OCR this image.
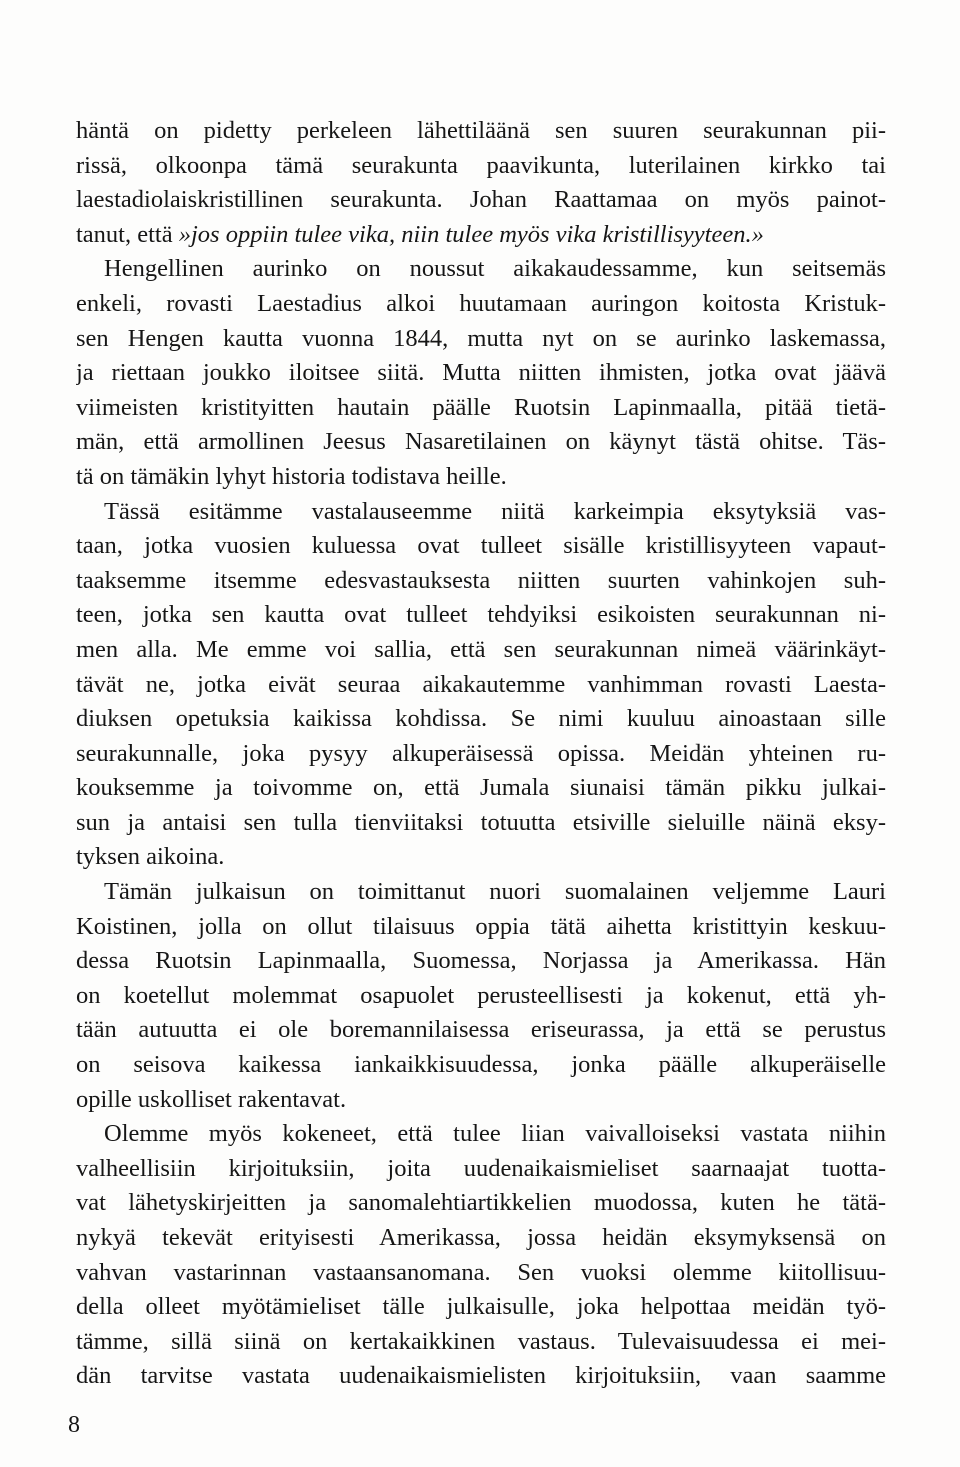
häntä on pidetty perkeleen lähettiläänä sen suuren seurakunnan pii-
rissä, olkoonpa tämä seurakunta paavikunta, luterilainen kirkko tai
laestadiolaiskristillinen seurakunta. Johan Raattamaa on myös painot-
tanut, että »jos oppiin tulee vika, niin tulee myös vika kristillisyyteen.»
Hengellinen aurinko on noussut aikakaudessamme, kun seitsemäs
enkeli, rovasti Laestadius alkoi huutamaan auringon koitosta Kristuk-
sen Hengen kautta vuonna 1844, mutta nyt on se aurinko laskemassa,
ja riettaan joukko iloitsee siitä. Mutta niitten ihmisten, jotka ovat jäävä
viimeisten kristityitten hautain päälle Ruotsin Lapinmaalla, pitää tietä-
män, että armollinen Jeesus Nasaretilainen on käynyt tästä ohitse. Täs-
tä on tämäkin lyhyt historia todistava heille.
Tässä esitämme vastalauseemme niitä karkeimpia eksytyksiä vas-
taan, jotka vuosien kuluessa ovat tulleet sisälle kristillisyyteen vapaut-
taaksemme itsemme edesvastauksesta niitten suurten vahinkojen suh-
teen, jotka sen kautta ovat tulleet tehdyiksi esikoisten seurakunnan ni-
men alla. Me emme voi sallia, että sen seurakunnan nimeä väärinkäyt-
tävät ne, jotka eivät seuraa aikakautemme vanhimman rovasti Laesta-
diuksen opetuksia kaikissa kohdissa. Se nimi kuuluu ainoastaan sille
seurakunnalle, joka pysyy alkuperäisessä opissa. Meidän yhteinen ru-
kouksemme ja toivomme on, että Jumala siunaisi tämän pikku julkai-
sun ja antaisi sen tulla tienviitaksi totuutta etsiville sieluille näinä eksy-
tyksen aikoina.
Tämän julkaisun on toimittanut nuori suomalainen veljemme Lauri
Koistinen, jolla on ollut tilaisuus oppia tätä aihetta kristittyin keskuu-
dessa Ruotsin Lapinmaalla, Suomessa, Norjassa ja Amerikassa. Hän
on koetellut molemmat osapuolet perusteellisesti ja kokenut, että yh-
tään autuutta ei ole boremannilaisessa eriseurassa, ja että se perustus
on seisova kaikessa iankaikkisuudessa, jonka päälle alkuperäiselle
opille uskolliset rakentavat.
Olemme myös kokeneet, että tulee liian vaivalloiseksi vastata niihin
valheellisiin kirjoituksiin, joita uudenaikaismieliset saarnaajat tuotta-
vat lähetyskirjeitten ja sanomalehtiartikkelien muodossa, kuten he tätä-
nykyä tekevät erityisesti Amerikassa, jossa heidän eksymyksensä on
vahvan vastarinnan vastaansanomana. Sen vuoksi olemme kiitollisuu-
della olleet myötämieliset tälle julkaisulle, joka helpottaa meidän työ-
tämme, sillä siinä on kertakaikkinen vastaus. Tulevaisuudessa ei mei-
dän tarvitse vastata uudenaikaismielisten kirjoituksiin, vaan saamme
8
